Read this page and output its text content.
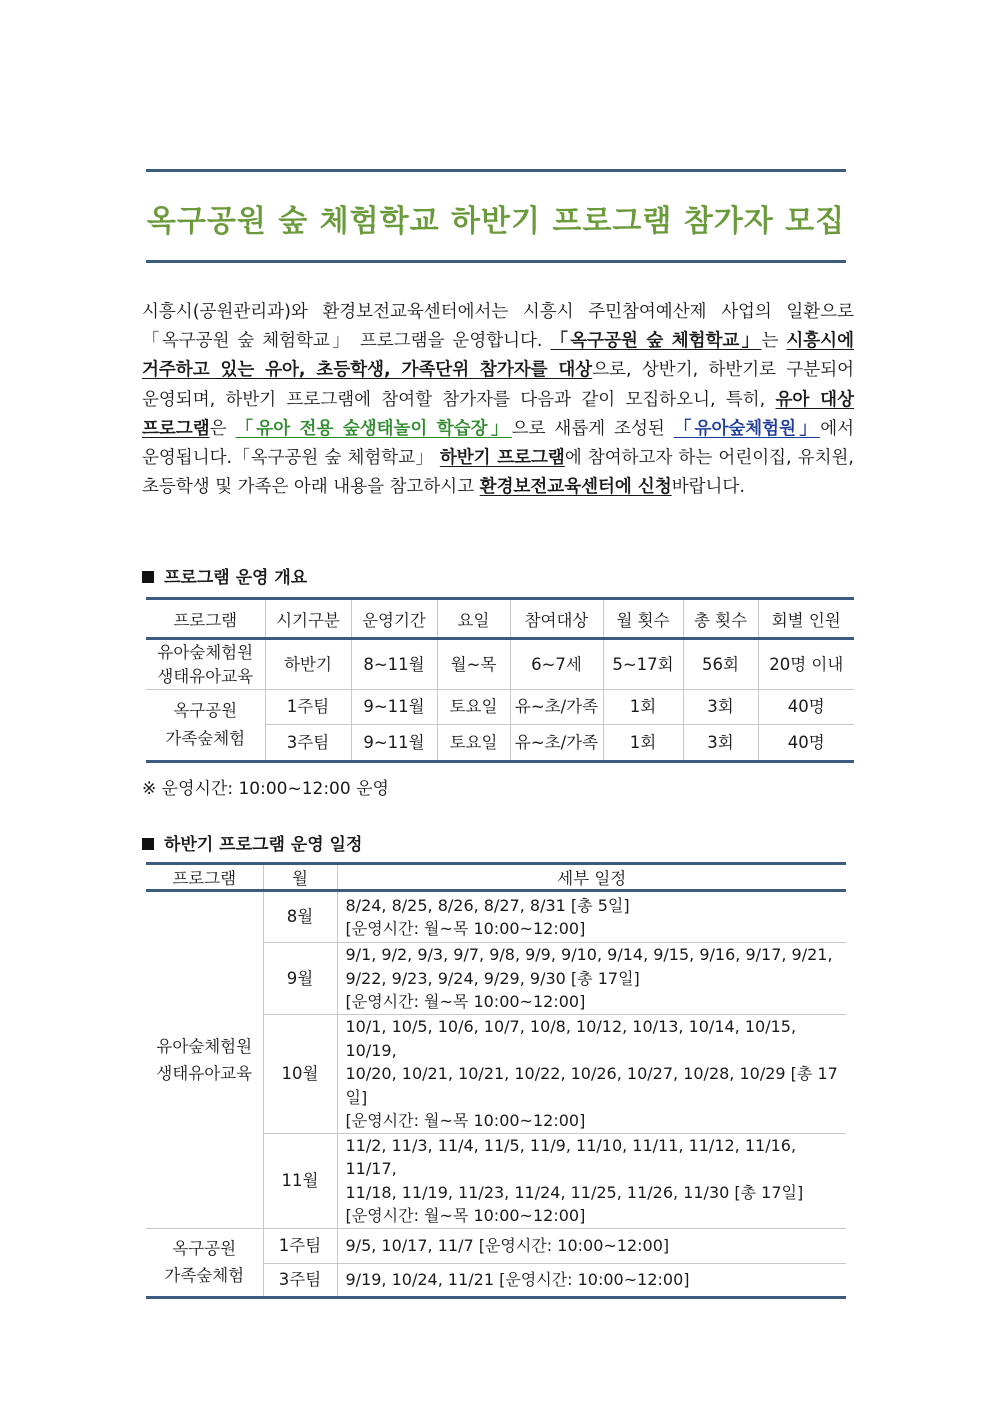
옥구공원 숲 체험학교 하반기 프로그램 참가자 모집
시흥시(공원관리과)와 환경보전교육센터에서는 시흥시 주민참여예산제 사업의 일환으로 「옥구공원 숲 체험학교」 프로그램을 운영합니다. 「옥구공원 숲 체험학교」는 시흥시에 거주하고 있는 유아, 초등학생, 가족단위 참가자를 대상으로, 상반기, 하반기로 구분되어 운영되며, 하반기 프로그램에 참여할 참가자를 다음과 같이 모집하오니, 특히, 유아 대상 프로그램은 「유아 전용 숲생태놀이 학습장」으로 새롭게 조성된 「유아숲체험원」에서 운영됩니다.「옥구공원 숲 체험학교」 하반기 프로그램에 참여하고자 하는 어린이집, 유치원, 초등학생 및 가족은 아래 내용을 참고하시고 환경보전교육센터에 신청바랍니다.
프로그램 운영 개요
프로그램	시기구분	운영기간	요일	참여대상	월 횟수	총 횟수	회별 인원
유아숲체험원
생태유아교육	하반기	8~11월	월~목	6~7세	5~17회	56회	20명 이내
옥구공원
가족숲체험	1주팀	9~11월	토요일	유~초/가족	1회	3회	40명
	3주팀	9~11월	토요일	유~초/가족	1회	3회	40명
※ 운영시간: 10:00~12:00 운영
하반기 프로그램 운영 일정
프로그램	월	세부 일정
유아숲체험원
생태유아교육	8월	8/24, 8/25, 8/26, 8/27, 8/31 [총 5일]
[운영시간: 월~목 10:00~12:00]
	9월	9/1, 9/2, 9/3, 9/7, 9/8, 9/9, 9/10, 9/14, 9/15, 9/16, 9/17, 9/21,
9/22, 9/23, 9/24, 9/29, 9/30 [총 17일]
[운영시간: 월~목 10:00~12:00]
	10월	10/1, 10/5, 10/6, 10/7, 10/8, 10/12, 10/13, 10/14, 10/15, 10/19,
10/20, 10/21, 10/21, 10/22, 10/26, 10/27, 10/28, 10/29 [총 17일]
[운영시간: 월~목 10:00~12:00]
	11월	11/2, 11/3, 11/4, 11/5, 11/9, 11/10, 11/11, 11/12, 11/16, 11/17,
11/18, 11/19, 11/23, 11/24, 11/25, 11/26, 11/30 [총 17일]
[운영시간: 월~목 10:00~12:00]
옥구공원
가족숲체험	1주팀	9/5, 10/17, 11/7 [운영시간: 10:00~12:00]
	3주팀	9/19, 10/24, 11/21 [운영시간: 10:00~12:00]
